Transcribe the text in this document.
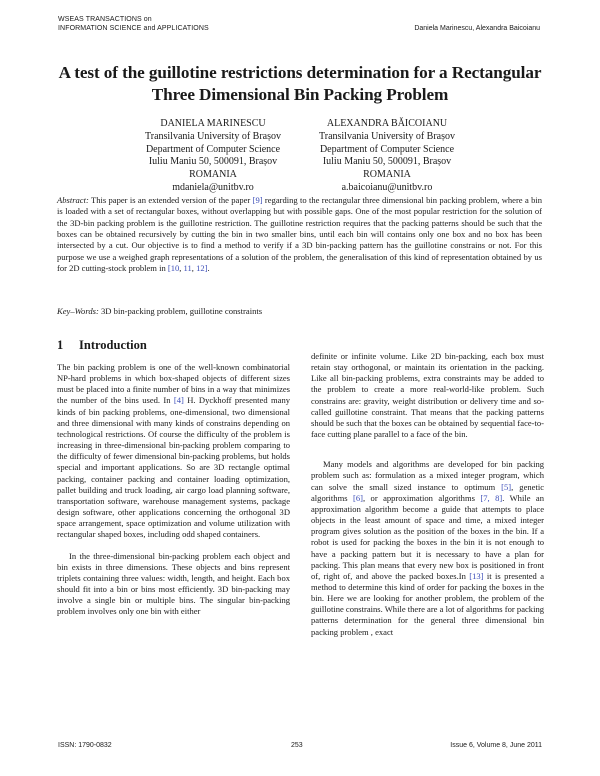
WSEAS TRANSACTIONS on
INFORMATION SCIENCE and APPLICATIONS	Daniela Marinescu, Alexandra Baicoianu
A test of the guillotine restrictions determination for a Rectangular
Three Dimensional Bin Packing Problem
DANIELA MARINESCU
Transilvania University of Brașov
Department of Computer Science
Iuliu Maniu 50, 500091, Brașov
ROMANIA
mdaniela@unitbv.ro
ALEXANDRA BĂICOIANU
Transilvania University of Brașov
Department of Computer Science
Iuliu Maniu 50, 500091, Brașov
ROMANIA
a.baicoianu@unitbv.ro
Abstract: This paper is an extended version of the paper [9] regarding to the rectangular three dimensional bin packing problem, where a bin is loaded with a set of rectangular boxes, without overlapping but with possible gaps. One of the most popular restriction for the solution of the 3D-bin packing problem is the guillotine restriction. The guillotine restriction requires that the packing patterns should be such that the boxes can be obtained recursively by cutting the bin in two smaller bins, until each bin will contains only one box and no box has been intersected by a cut. Our objective is to find a method to verify if a 3D bin-packing pattern has the guillotine constrains or not. For this purpose we use a weighed graph representations of a solution of the problem, the generalisation of this kind of representation obtained by us for 2D cutting-stock problem in [10, 11, 12].
Key–Words: 3D bin-packing problem, guillotine constraints
1 Introduction

The bin packing problem is one of the well-known combinatorial NP-hard problems in which box-shaped objects of different sizes must be placed into a finite number of bins in a way that minimizes the number of the bins used. In [4] H. Dyckhoff presented many kinds of bin packing problems, one-dimensional, two dimensional and three dimensional with many kinds of constrains depending on technological restrictions. Of course the difficulty of the problem is increasing in three-dimensional bin-packing problem comparing to the difficulty of fewer dimensional bin-packing problems, but holds special and important applications. So are 3D rectangle optimal packing, container packing and container loading optimization, pallet building and truck loading, air cargo load planning software, transportation software, warehouse management systems, package design software, other applications concerning the orthogonal 3D space arrangement, space optimization and volume utilization with rectangular shaped boxes, including odd shaped containers.

In the three-dimensional bin-packing problem each object and bin exists in three dimensions. These objects and bins represent triplets containing three values: width, length, and height. Each box should fit into a bin or bins most efficiently. 3D bin-packing may involve a single bin or multiple bins. The singular bin-packing problem involves only one bin with either

definite or infinite volume. Like 2D bin-packing, each box must retain stay orthogonal, or maintain its orientation in the packing. Like all bin-packing problems, extra constraints may be added to the problem to create a more real-world-like problem. Such constrains are: gravity, weight distribution or delivery time and so-called guillotine constraint. That means that the packing patterns should be such that the boxes can be obtained by sequential face-to-face cutting plane parallel to a face of the bin.

Many models and algorithms are developed for bin packing problem such as: formulation as a mixed integer program, which can solve the small sized instance to optimum [5], genetic algorithms [6], or approximation algorithms [7, 8]. While an approximation algorithm become a guide that attempts to place objects in the least amount of space and time, a mixed integer program gives solution as the position of the boxes in the bin. If a robot is used for packing the boxes in the bin it is not enough to have a packing pattern but it is necessary to have a plan for packing. This plan means that every new box is positioned in front of, right of, and above the packed boxes.In [13] it is presented a method to determine this kind of order for packing the boxes in the bin. Here we are looking for another problem, the problem of the guillotine constrains. While there are a lot of algorithms for packing patterns determination for the general three dimensional bin packing problem , exact

ISSN: 1790-0832	253	Issue 6, Volume 8, June 2011
